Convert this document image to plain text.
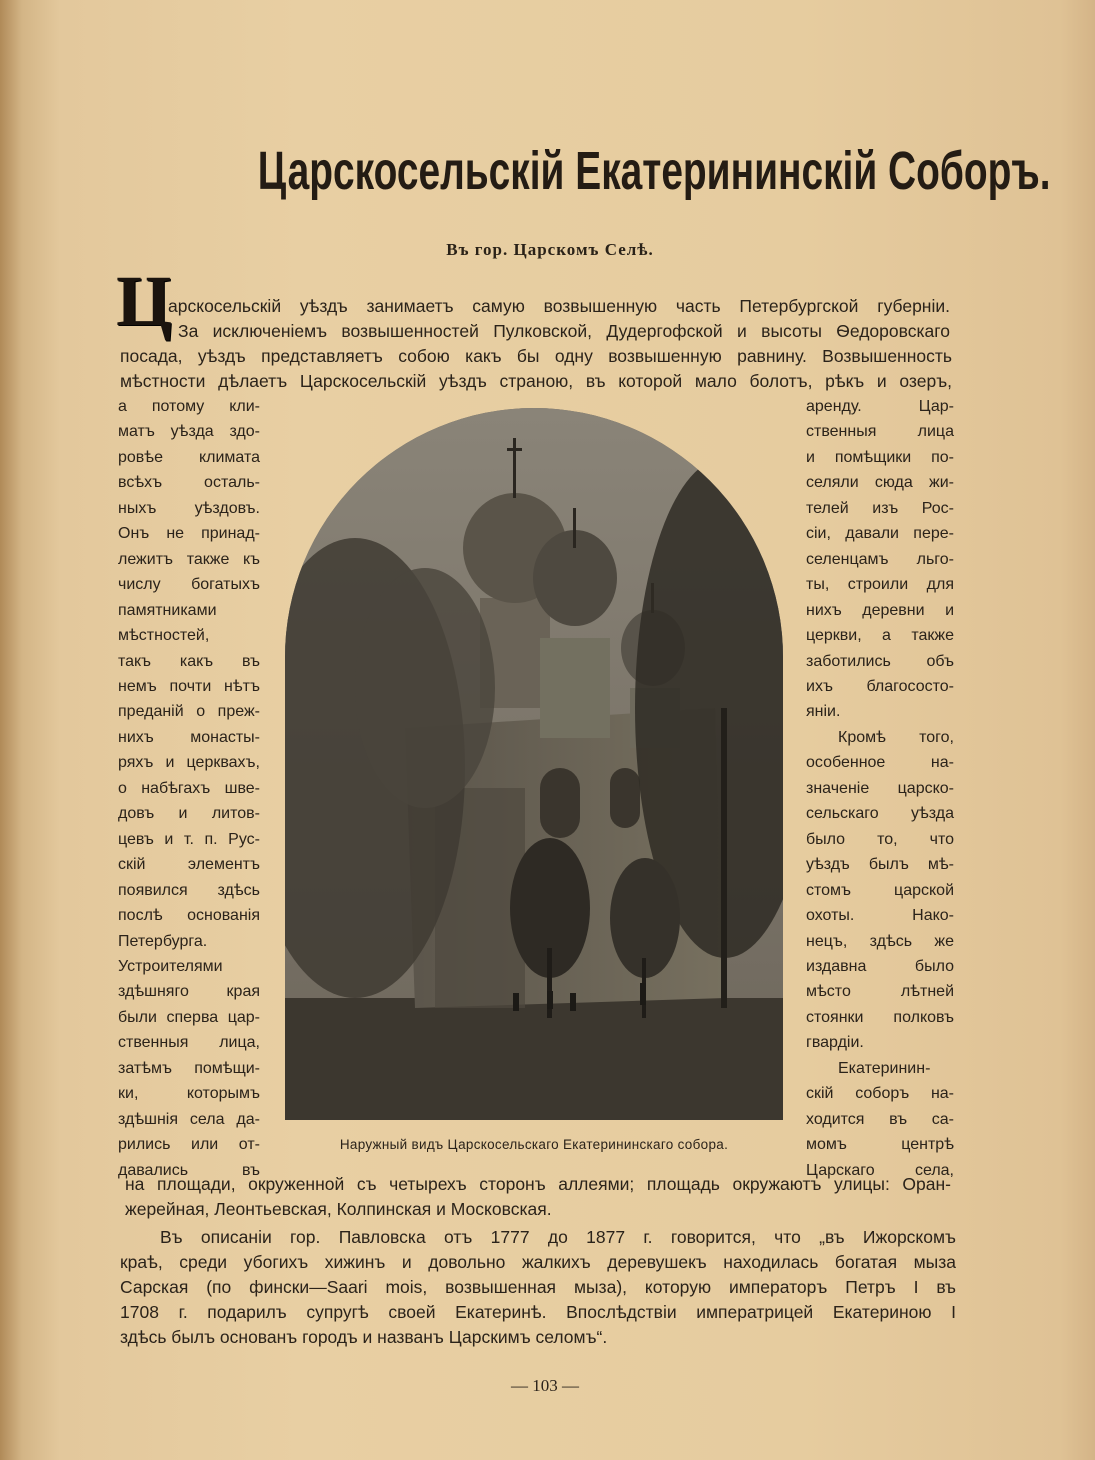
Царскосельскiй Екатерининскiй Соборъ.
Въ гор. Царскомъ Селѣ.
Ц
арскосельскiй уѣздъ занимаетъ самую возвышенную часть Петербургской губернiи.
За исключенiемъ возвышенностей Пулковской, Дудергофской и высоты Ѳедоровскаго
посада, уѣздъ представляетъ собою какъ бы одну возвышенную равнину. Возвышенность
мѣстности дѣлаетъ Царскосельскiй уѣздъ страною, въ которой мало болотъ, рѣкъ и озеръ,
а потому кли-
матъ уѣзда здо-
ровѣе климата
всѣхъ осталь-
ныхъ уѣздовъ.
Онъ не принад-
лежитъ также къ
числу богатыхъ
памятниками
мѣстностей,
такъ какъ въ
немъ почти нѣтъ
преданiй о преж-
нихъ монасты-
ряхъ и церквахъ,
о набѣгахъ шве-
довъ и литов-
цевъ и т. п. Рус-
скiй элементъ
появился здѣсь
послѣ основанiя
Петербурга.
Устроителями
здѣшняго края
были сперва цар-
ственныя лица,
затѣмъ помѣщи-
ки, которымъ
здѣшнiя села да-
рились или от-
давались въ
аренду. Цар-
ственныя лица
и помѣщики по-
селяли сюда жи-
телей изъ Рос-
сiи, давали пере-
селенцамъ льго-
ты, строили для
нихъ деревни и
церкви, а также
заботились объ
ихъ благососто-
янiи.
Кромѣ того,
особенное на-
значенiе царско-
сельскаго уѣзда
было то, что
уѣздъ былъ мѣ-
стомъ царской
охоты. Нако-
нецъ, здѣсь же
издавна было
мѣсто лѣтней
стоянки полковъ
гвардiи.
Екатеринин-
скiй соборъ на-
ходится въ са-
момъ центрѣ
Царскаго села,
Наружный видъ Царскосельскаго Екатерининскаго собора.
на площади, окруженной съ четырехъ сторонъ аллеями; площадь окружаютъ улицы: Оран-
жерейная, Леонтьевская, Колпинская и Московская.
Въ описанiи гор. Павловска отъ 1777 до 1877 г. говорится, что „въ Ижорскомъ
краѣ, среди убогихъ хижинъ и довольно жалкихъ деревушекъ находилась богатая мыза
Сарская (по фински—Saari mois, возвышенная мыза), которую императоръ Петръ I въ
1708 г. подарилъ супругѣ своей Екатеринѣ. Впослѣдствiи императрицей Екатериною I
здѣсь былъ основанъ городъ и названъ Царскимъ селомъ“.
— 103 —
